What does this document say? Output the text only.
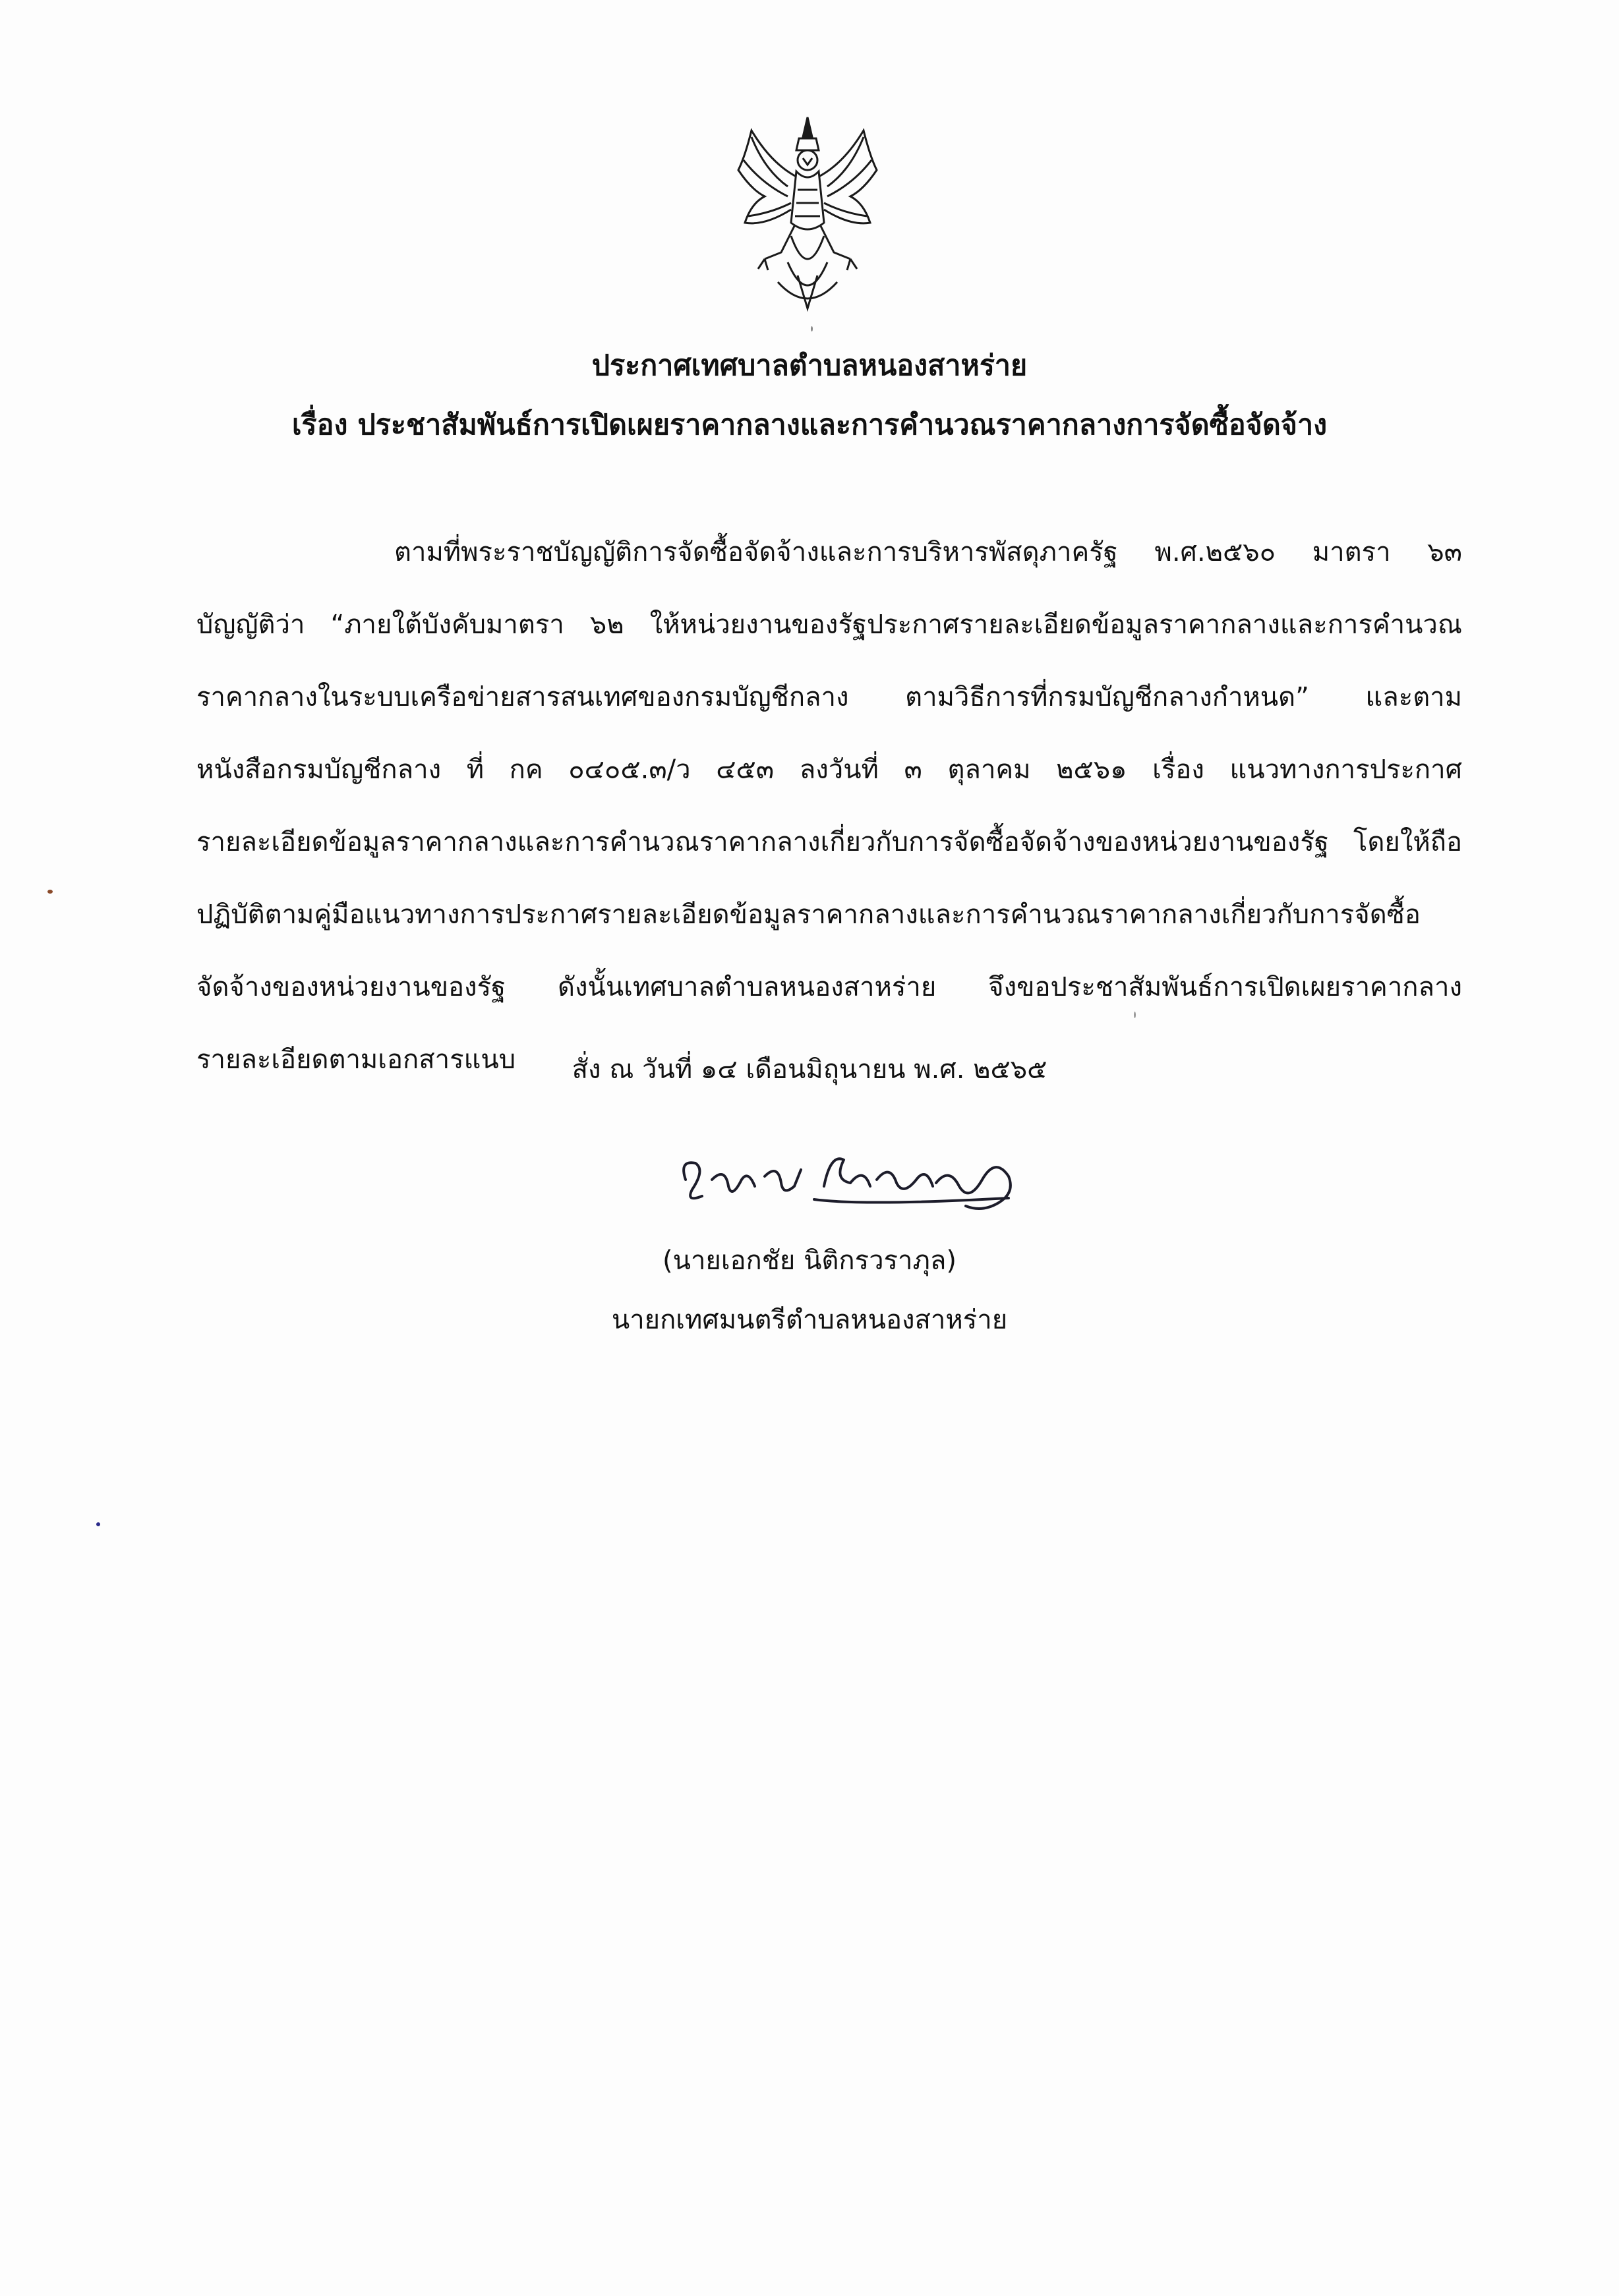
ประกาศเทศบาลตำบลหนองสาหร่าย
เรื่อง ประชาสัมพันธ์การเปิดเผยราคากลางและการคำนวณราคากลางการจัดซื้อจัดจ้าง
ตามที่พระราชบัญญัติการจัดซื้อจัดจ้างและการบริหารพัสดุภาครัฐ พ.ศ.๒๕๖๐ มาตรา ๖๓
บัญญัติว่า “ภายใต้บังคับมาตรา ๖๒ ให้หน่วยงานของรัฐประกาศรายละเอียดข้อมูลราคากลางและการคำนวณ
ราคากลางในระบบเครือข่ายสารสนเทศของกรมบัญชีกลาง ตามวิธีการที่กรมบัญชีกลางกำหนด” และตาม
หนังสือกรมบัญชีกลาง ที่ กค ๐๔๐๕.๓/ว ๔๕๓ ลงวันที่ ๓ ตุลาคม ๒๕๖๑ เรื่อง แนวทางการประกาศ
รายละเอียดข้อมูลราคากลางและการคำนวณราคากลางเกี่ยวกับการจัดซื้อจัดจ้างของหน่วยงานของรัฐ โดยให้ถือ
ปฏิบัติตามคู่มือแนวทางการประกาศรายละเอียดข้อมูลราคากลางและการคำนวณราคากลางเกี่ยวกับการจัดซื้อ
จัดจ้างของหน่วยงานของรัฐ ดังนั้นเทศบาลตำบลหนองสาหร่าย จึงขอประชาสัมพันธ์การเปิดเผยราคากลาง
รายละเอียดตามเอกสารแนบ	สั่ง ณ วันที่ ๑๔ เดือนมิถุนายน พ.ศ. ๒๕๖๕
(นายเอกชัย นิติกรวราภุล)
นายกเทศมนตรีตำบลหนองสาหร่าย
